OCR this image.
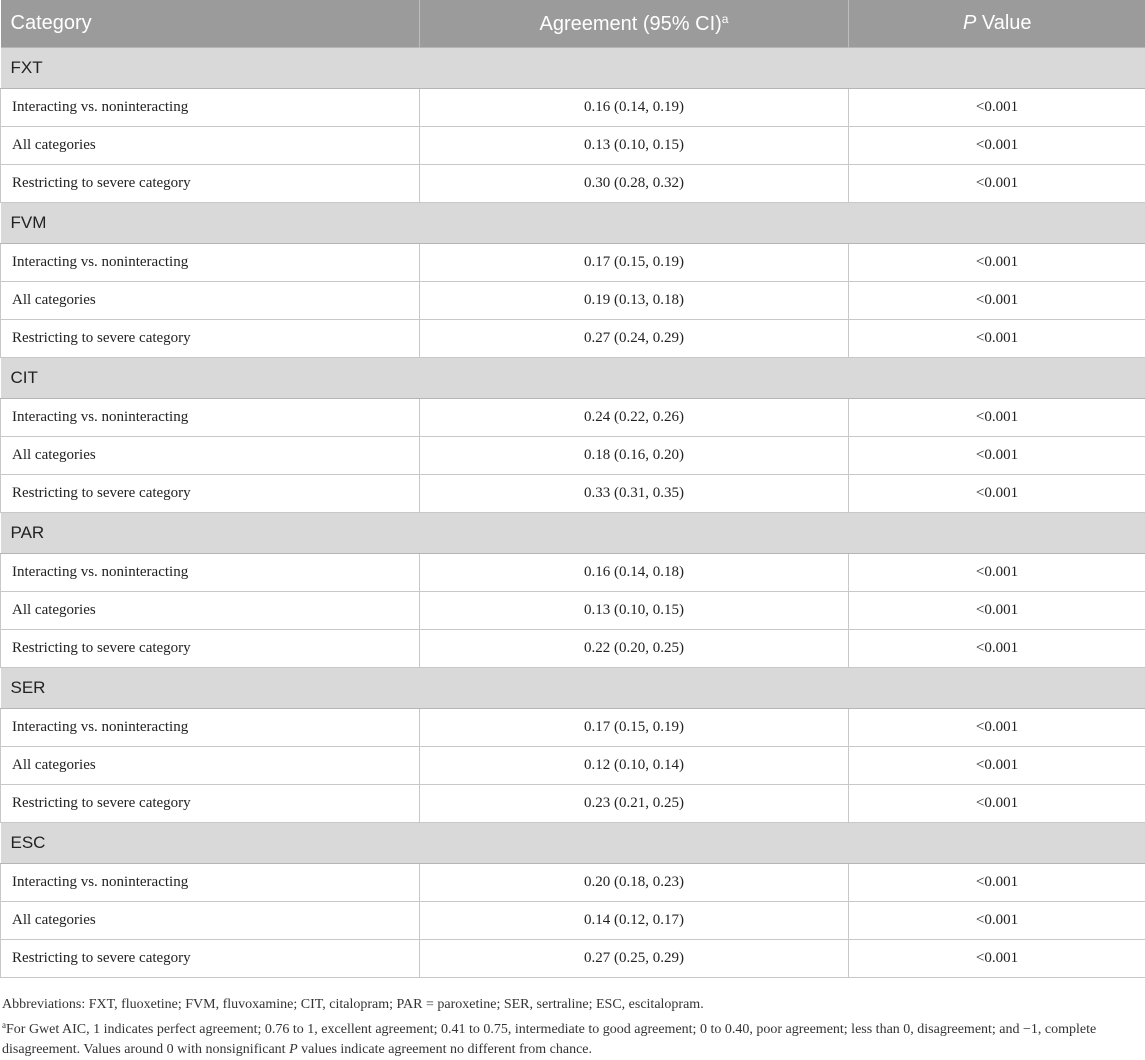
Category	Agreement (95% CI)$^a$	P Value
FXT		
Interacting vs. noninteracting	0.16 (0.14, 0.19)	<0.001
All categories	0.13 (0.10, 0.15)	<0.001
Restricting to severe category	0.30 (0.28, 0.32)	<0.001
FVM		
Interacting vs. noninteracting	0.17 (0.15, 0.19)	<0.001
All categories	0.19 (0.13, 0.18)	<0.001
Restricting to severe category	0.27 (0.24, 0.29)	<0.001
CIT		
Interacting vs. noninteracting	0.24 (0.22, 0.26)	<0.001
All categories	0.18 (0.16, 0.20)	<0.001
Restricting to severe category	0.33 (0.31, 0.35)	<0.001
PAR		
Interacting vs. noninteracting	0.16 (0.14, 0.18)	<0.001
All categories	0.13 (0.10, 0.15)	<0.001
Restricting to severe category	0.22 (0.20, 0.25)	<0.001
SER		
Interacting vs. noninteracting	0.17 (0.15, 0.19)	<0.001
All categories	0.12 (0.10, 0.14)	<0.001
Restricting to severe category	0.23 (0.21, 0.25)	<0.001
ESC		
Interacting vs. noninteracting	0.20 (0.18, 0.23)	<0.001
All categories	0.14 (0.12, 0.17)	<0.001
Restricting to severe category	0.27 (0.25, 0.29)	<0.001

Abbreviations: FXT, fluoxetine; FVM, fluvoxamine; CIT, citalopram; PAR = paroxetine; SER, sertraline; ESC, escitalopram.

$^a$For Gwet AIC, 1 indicates perfect agreement; 0.76 to 1, excellent agreement; 0.41 to 0.75, intermediate to good agreement; 0 to 0.40, poor agreement; less than 0, disagreement; and −1, complete disagreement. Values around 0 with nonsignificant P values indicate agreement no different from chance.
